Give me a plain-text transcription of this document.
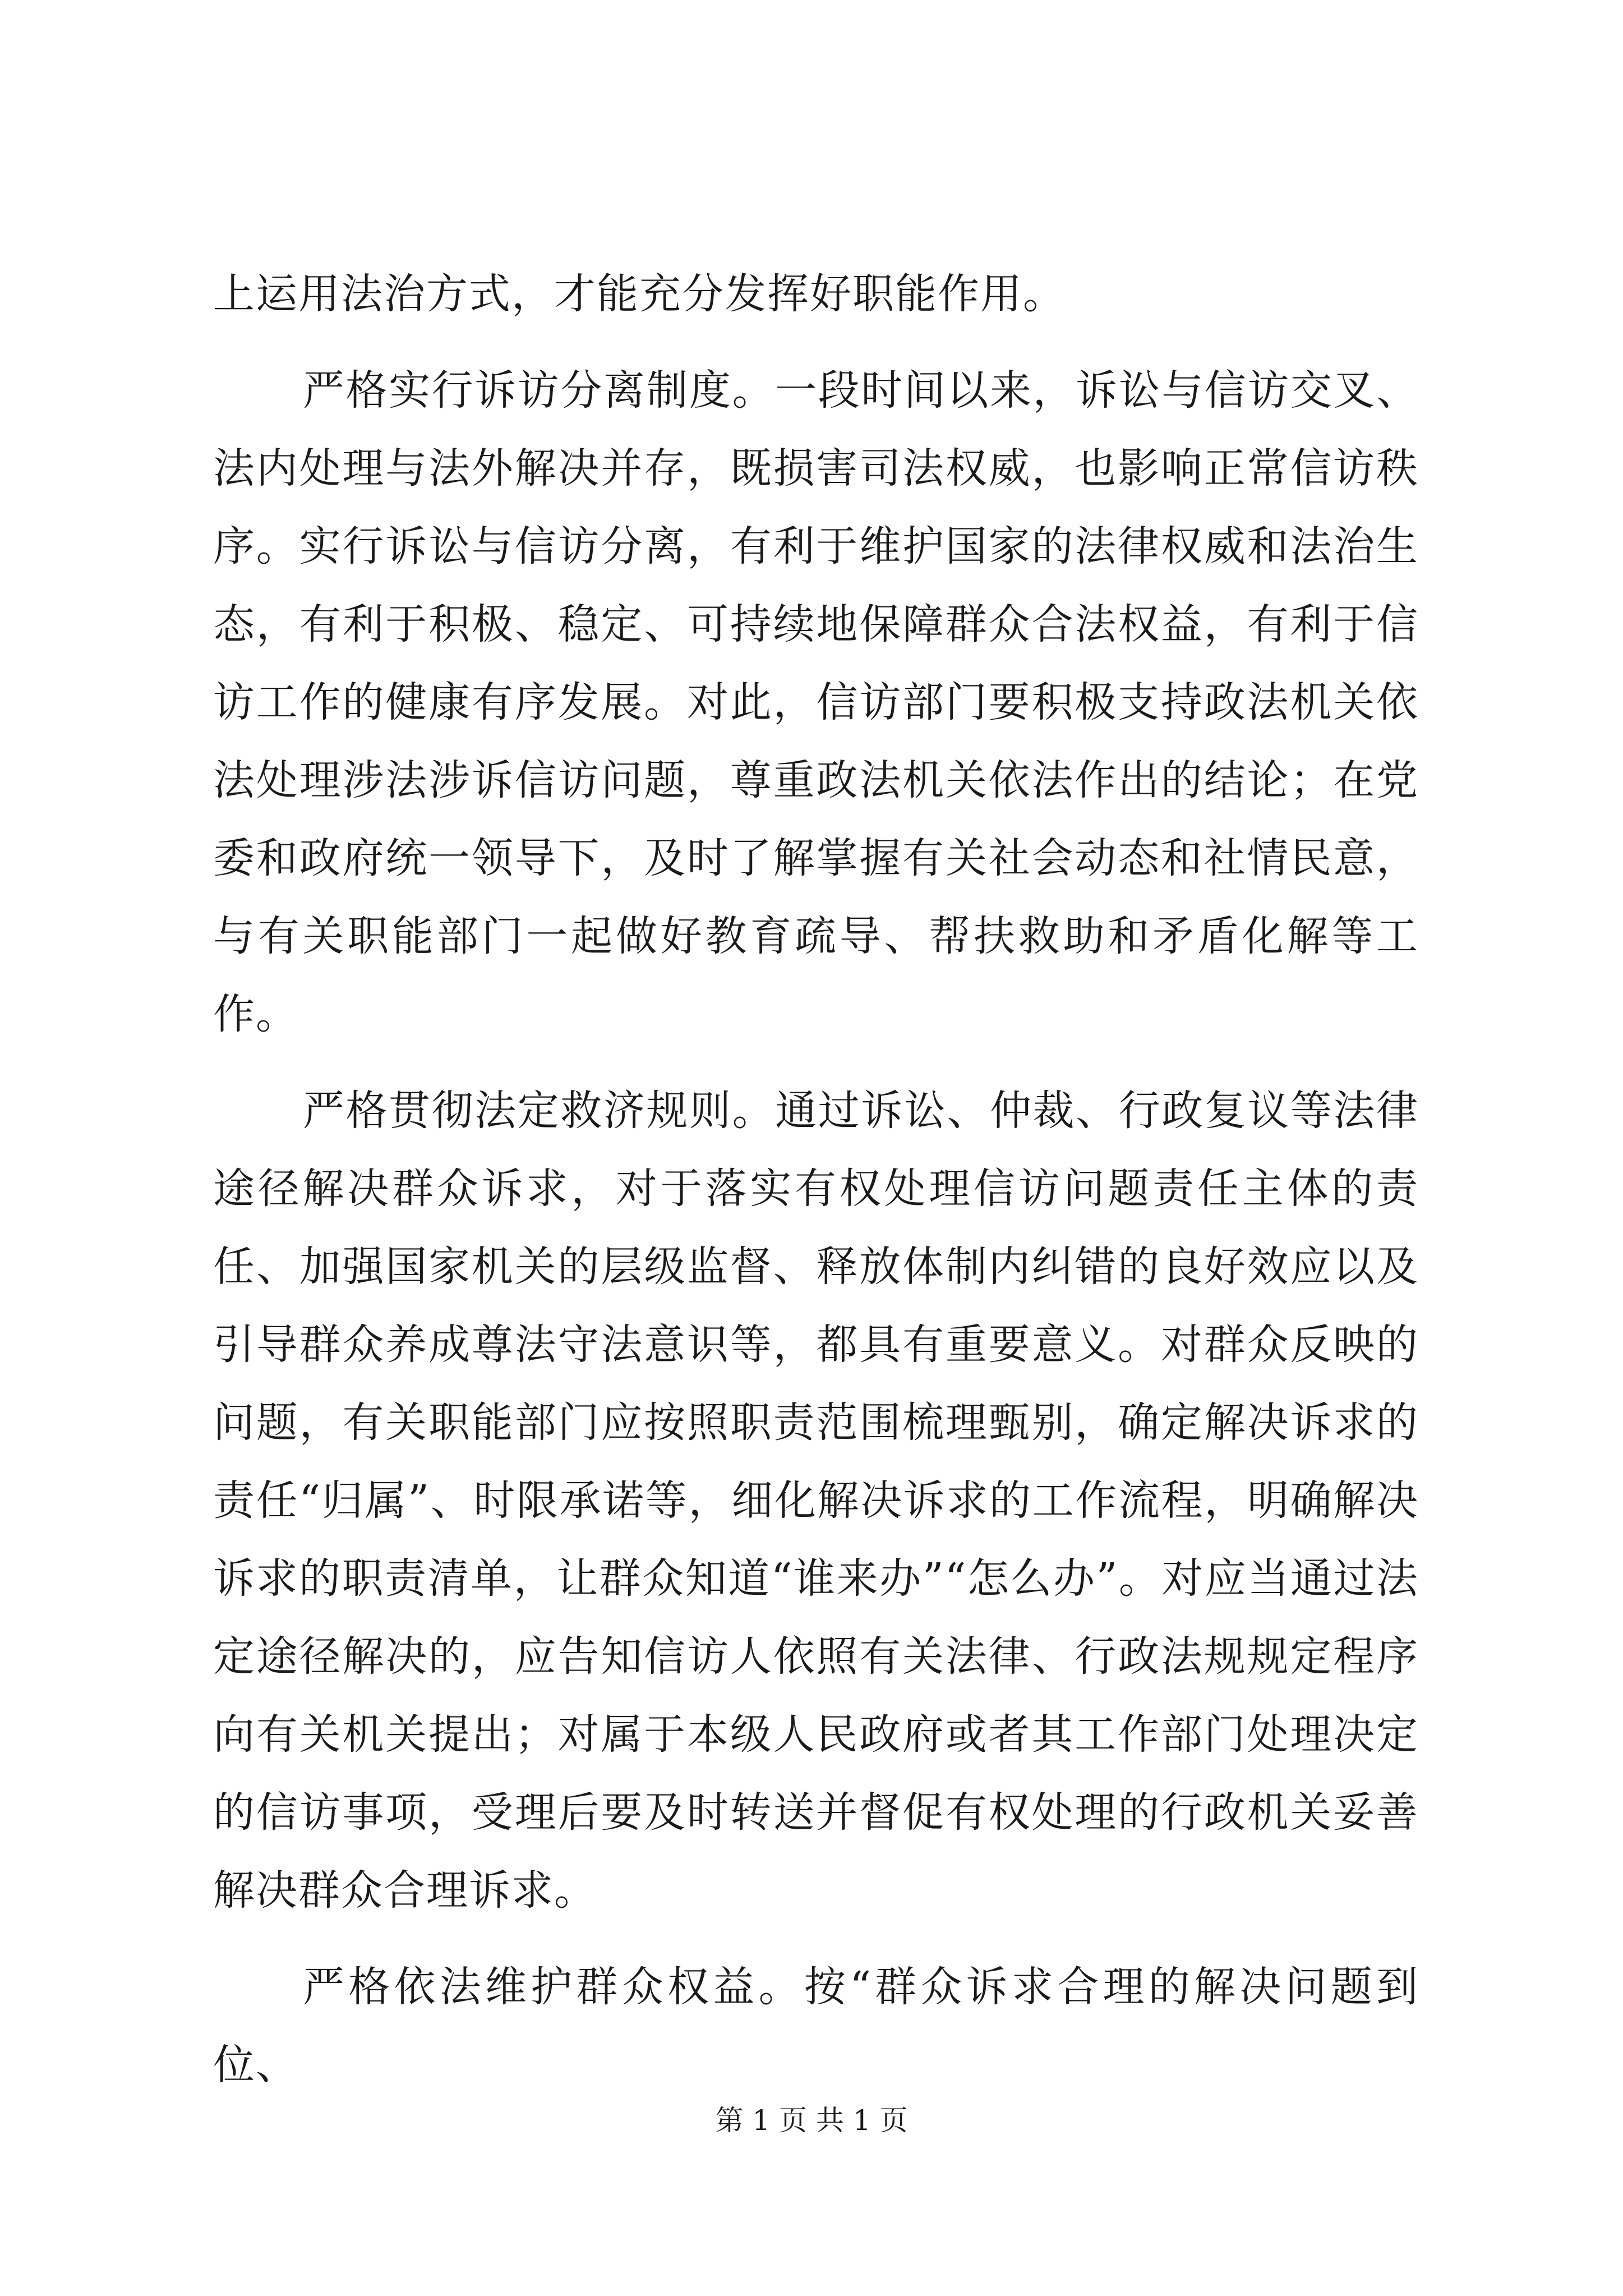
上运用法治方式，才能充分发挥好职能作用。

严格实行诉访分离制度。一段时间以来，诉讼与信访交叉、法内处理与法外解决并存，既损害司法权威，也影响正常信访秩序。实行诉讼与信访分离，有利于维护国家的法律权威和法治生态，有利于积极、稳定、可持续地保障群众合法权益，有利于信访工作的健康有序发展。对此，信访部门要积极支持政法机关依法处理涉法涉诉信访问题，尊重政法机关依法作出的结论；在党委和政府统一领导下，及时了解掌握有关社会动态和社情民意，与有关职能部门一起做好教育疏导、帮扶救助和矛盾化解等工作。

严格贯彻法定救济规则。通过诉讼、仲裁、行政复议等法律途径解决群众诉求，对于落实有权处理信访问题责任主体的责任、加强国家机关的层级监督、释放体制内纠错的良好效应以及引导群众养成尊法守法意识等，都具有重要意义。对群众反映的问题，有关职能部门应按照职责范围梳理甄别，确定解决诉求的责任“归属”、时限承诺等，细化解决诉求的工作流程，明确解决诉求的职责清单，让群众知道“谁来办”“怎么办”。对应当通过法定途径解决的，应告知信访人依照有关法律、行政法规规定程序向有关机关提出；对属于本级人民政府或者其工作部门处理决定的信访事项，受理后要及时转送并督促有权处理的行政机关妥善解决群众合理诉求。

严格依法维护群众权益。按“群众诉求合理的解决问题到位、

第 1 页 共 1 页
